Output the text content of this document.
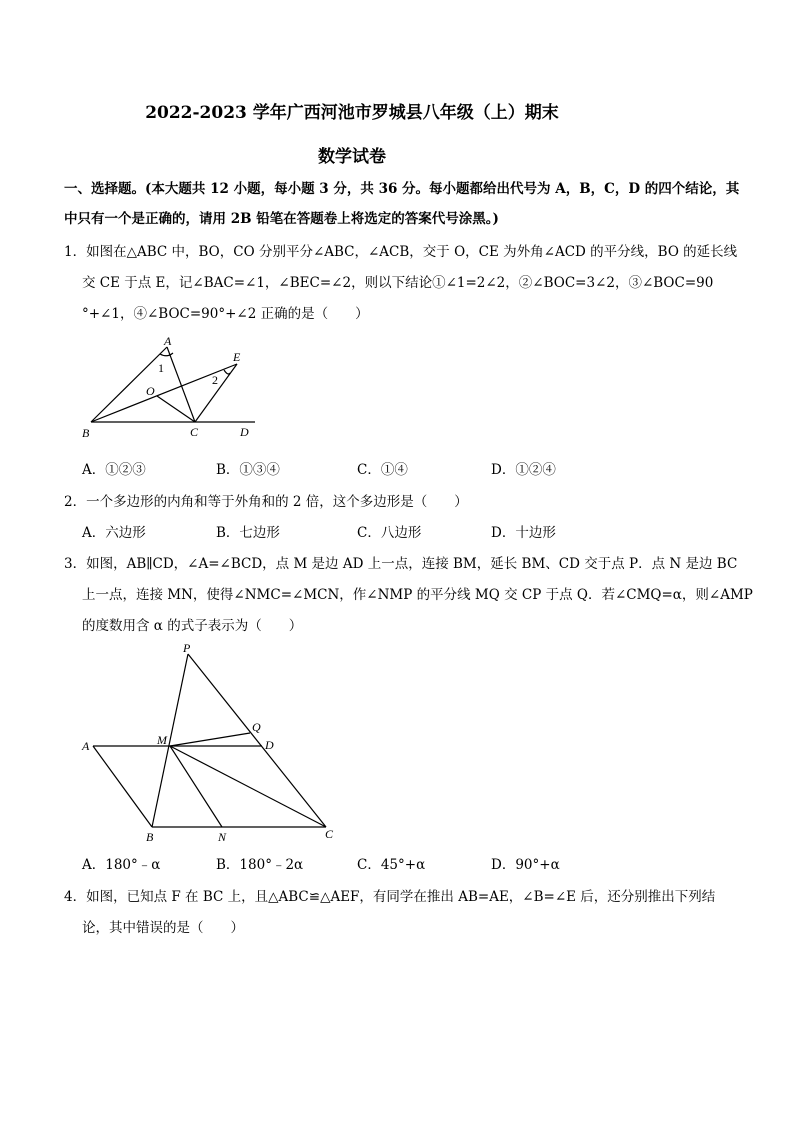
2022-2023 学年广西河池市罗城县八年级（上）期末
数学试卷
一、选择题。(本大题共 12 小题，每小题 3 分，共 36 分。每小题都给出代号为 A，B，C，D 的四个结论，其
中只有一个是正确的，请用 2B 铅笔在答题卷上将选定的答案代号涂黑。)
1．如图在△ABC 中，BO，CO 分别平分∠ABC，∠ACB，交于 O，CE 为外角∠ACD 的平分线，BO 的延长线
交 CE 于点 E，记∠BAC=∠1，∠BEC=∠2，则以下结论①∠1=2∠2，②∠BOC=3∠2，③∠BOC=90
°+∠1，④∠BOC=90°+∠2 正确的是（　　）
A
B	C	D
E
O
1
2
A．①②③	B．①③④	C．①④	D．①②④
2．一个多边形的内角和等于外角和的 2 倍，这个多边形是（　　）
A．六边形	B．七边形	C．八边形	D．十边形
3．如图，AB∥CD，∠A=∠BCD，点 M 是边 AD 上一点，连接 BM，延长 BM、CD 交于点 P．点 N 是边 BC
上一点，连接 MN，使得∠NMC=∠MCN，作∠NMP 的平分线 MQ 交 CP 于点 Q．若∠CMQ=α，则∠AMP
的度数用含 α 的式子表示为（　　）
P
Q
A	M	D
B	N	C
A．180°﹣α	B．180°﹣2α	C．45°+α	D．90°+α
4．如图，已知点 F 在 BC 上，且△ABC≌△AEF，有同学在推出 AB=AE，∠B=∠E 后，还分别推出下列结
论，其中错误的是（　　）
